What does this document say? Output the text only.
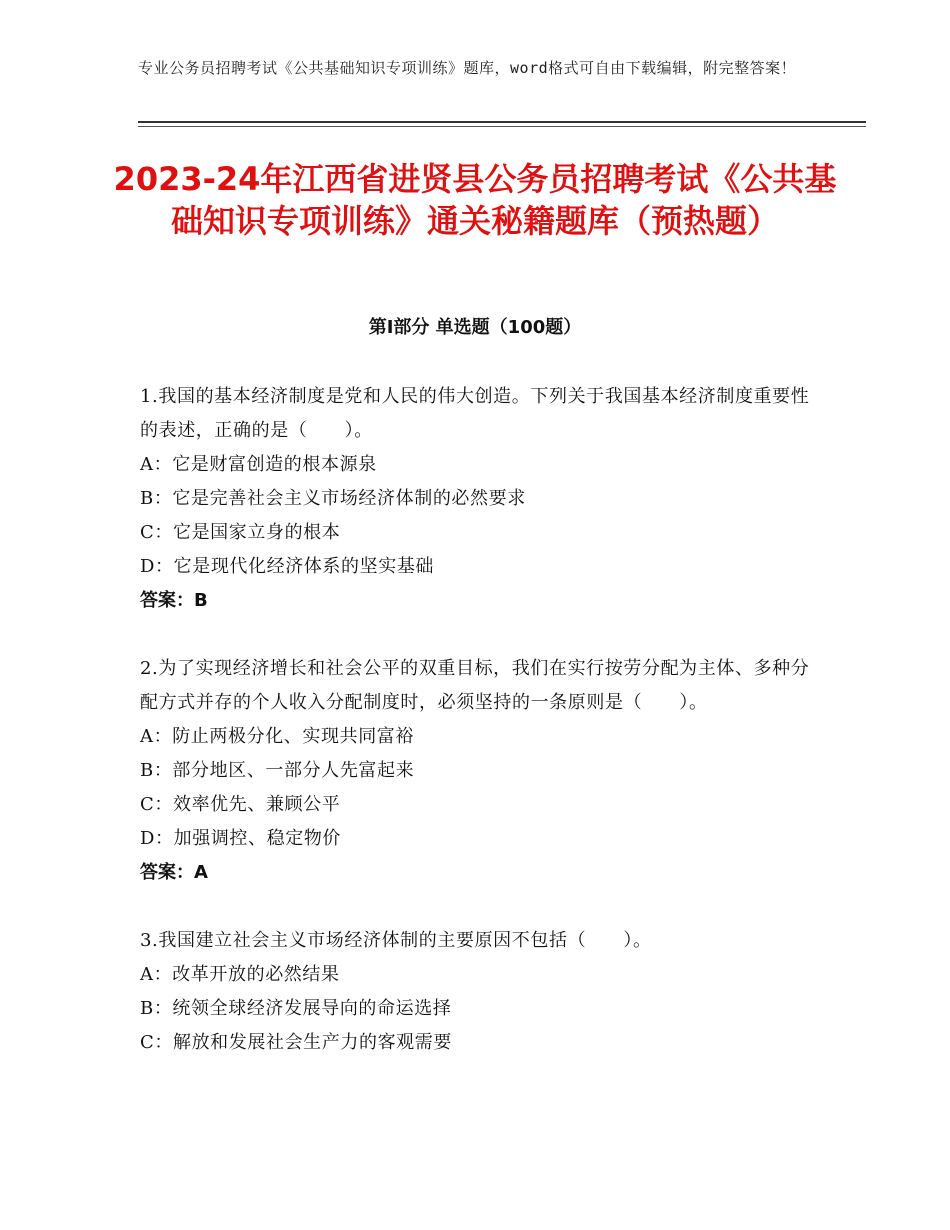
专业公务员招聘考试《公共基础知识专项训练》题库，word格式可自由下载编辑，附完整答案！
2023-24年江西省进贤县公务员招聘考试《公共基础知识专项训练》通关秘籍题库（预热题）
第Ⅰ部分 单选题（100题）
1.我国的基本经济制度是党和人民的伟大创造。下列关于我国基本经济制度重要性的表述，正确的是（　　）。
A：它是财富创造的根本源泉
B：它是完善社会主义市场经济体制的必然要求
C：它是国家立身的根本
D：它是现代化经济体系的坚实基础
答案：B
2.为了实现经济增长和社会公平的双重目标，我们在实行按劳分配为主体、多种分配方式并存的个人收入分配制度时，必须坚持的一条原则是（　　）。
A：防止两极分化、实现共同富裕
B：部分地区、一部分人先富起来
C：效率优先、兼顾公平
D：加强调控、稳定物价
答案：A
3.我国建立社会主义市场经济体制的主要原因不包括（　　）。
A：改革开放的必然结果
B：统领全球经济发展导向的命运选择
C：解放和发展社会生产力的客观需要
